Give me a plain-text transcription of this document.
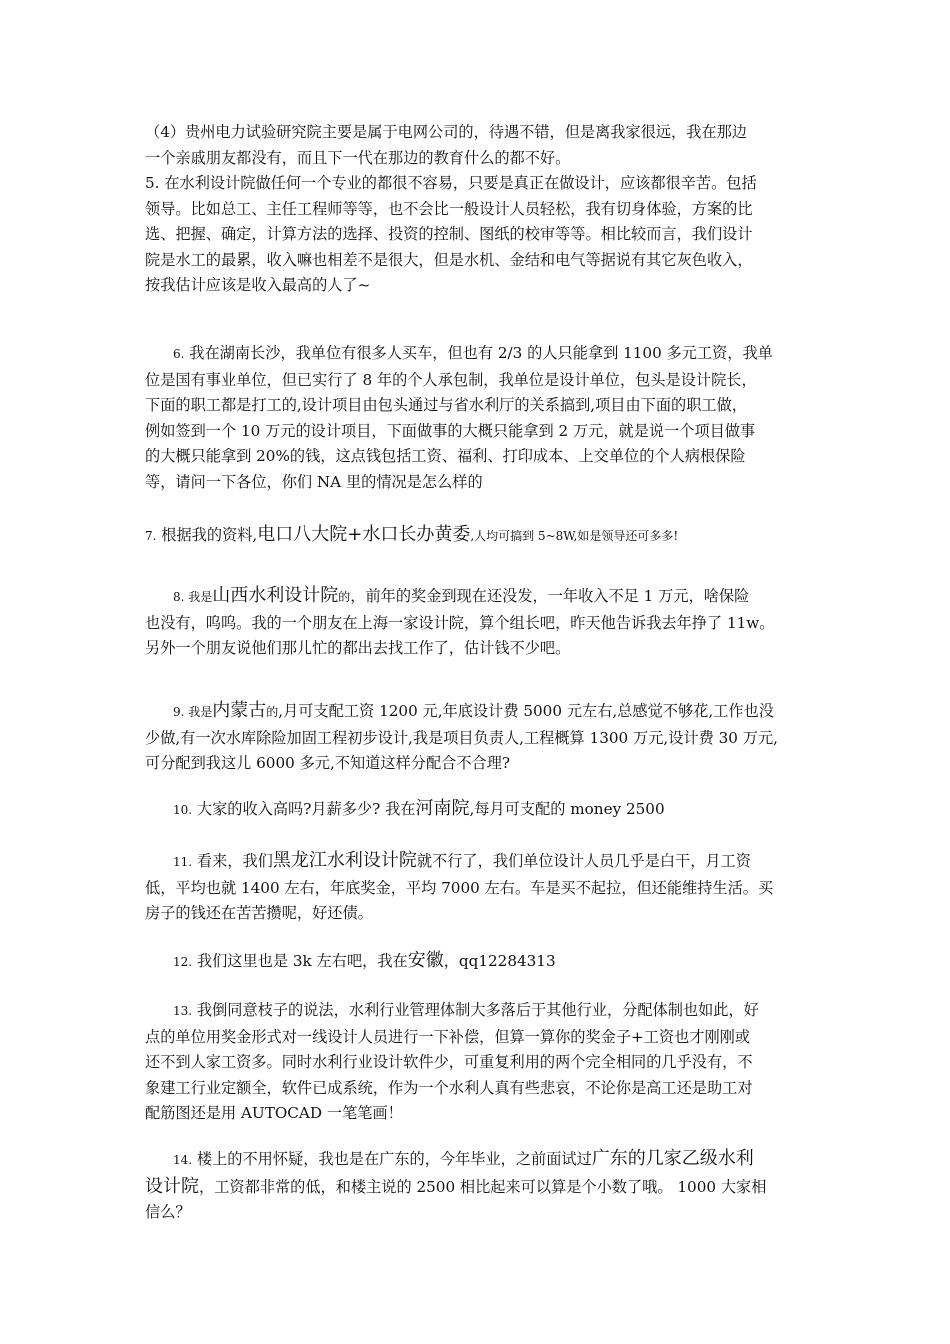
（4）贵州电力试验研究院主要是属于电网公司的，待遇不错，但是离我家很远，我在那边
一个亲戚朋友都没有，而且下一代在那边的教育什么的都不好。
5. 在水利设计院做任何一个专业的都很不容易，只要是真正在做设计，应该都很辛苦。包括
领导。比如总工、主任工程师等等，也不会比一般设计人员轻松，我有切身体验，方案的比
选、把握、确定，计算方法的选择、投资的控制、图纸的校审等等。相比较而言，我们设计
院是水工的最累，收入嘛也相差不是很大，但是水机、金结和电气等据说有其它灰色收入，
按我估计应该是收入最高的人了~
6. 我在湖南长沙，我单位有很多人买车，但也有 2/3 的人只能拿到 1100 多元工资，我单
位是国有事业单位，但已实行了 8 年的个人承包制，我单位是设计单位，包头是设计院长，
下面的职工都是打工的,设计项目由包头通过与省水利厅的关系搞到,项目由下面的职工做，
例如签到一个 10 万元的设计项目，下面做事的大概只能拿到 2 万元，就是说一个项目做事
的大概只能拿到 20%的钱，这点钱包括工资、福利、打印成本、上交单位的个人病根保险
等，请问一下各位，你们 NA 里的情况是怎么样的
7. 根据我的资料,电口八大院+水口长办黄委,人均可搞到 5~8W,如是领导还可多多!
8. 我是山西水利设计院的，前年的奖金到现在还没发，一年收入不足 1 万元，啥保险
也没有，呜呜。我的一个朋友在上海一家设计院，算个组长吧，昨天他告诉我去年挣了 11w。
另外一个朋友说他们那儿忙的都出去找工作了，估计钱不少吧。
9. 我是内蒙古的,月可支配工资 1200 元,年底设计费 5000 元左右,总感觉不够花,工作也没
少做,有一次水库除险加固工程初步设计,我是项目负责人,工程概算 1300 万元,设计费 30 万元,
可分配到我这儿 6000 多元,不知道这样分配合不合理?
10. 大家的收入高吗?月薪多少? 我在河南院,每月可支配的 money 2500
11. 看来，我们黑龙江水利设计院就不行了，我们单位设计人员几乎是白干，月工资
低，平均也就 1400 左右，年底奖金，平均 7000 左右。车是买不起拉，但还能维持生活。买
房子的钱还在苦苦攒呢，好还债。
12. 我们这里也是 3k 左右吧，我在安徽，qq12284313
13. 我倒同意枝子的说法，水利行业管理体制大多落后于其他行业，分配体制也如此，好
点的单位用奖金形式对一线设计人员进行一下补偿，但算一算你的奖金子+工资也才刚刚或
还不到人家工资多。同时水利行业设计软件少，可重复利用的两个完全相同的几乎没有，不
象建工行业定额全，软件已成系统，作为一个水利人真有些悲哀，不论你是高工还是助工对
配筋图还是用 AUTOCAD 一笔笔画！
14. 楼上的不用怀疑，我也是在广东的，今年毕业，之前面试过广东的几家乙级水利
设计院，工资都非常的低，和楼主说的 2500 相比起来可以算是个小数了哦。 1000 大家相
信么？
